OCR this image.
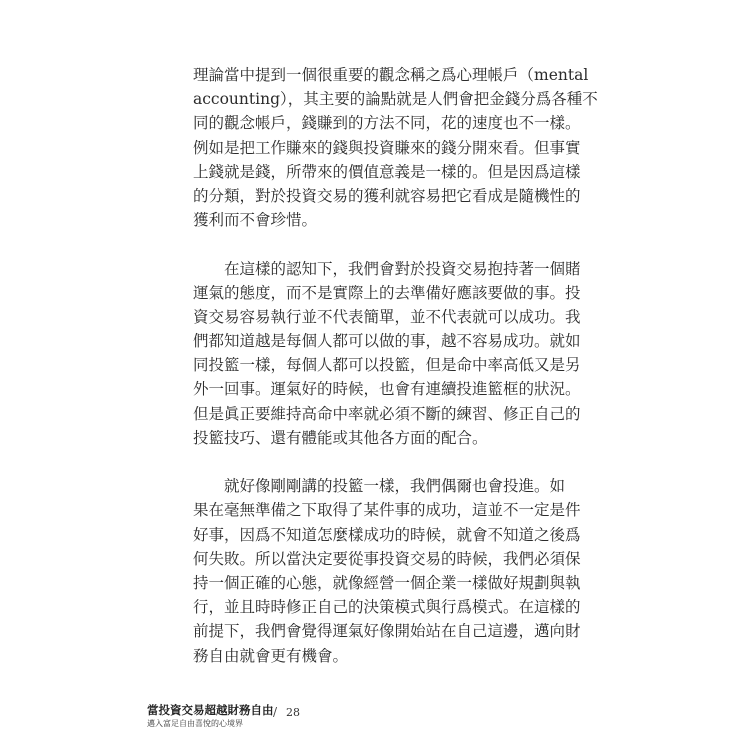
理論當中提到一個很重要的觀念稱之爲心理帳戶（mental
accounting），其主要的論點就是人們會把金錢分爲各種不
同的觀念帳戶，錢賺到的方法不同，花的速度也不一樣。
例如是把工作賺來的錢與投資賺來的錢分開來看。但事實
上錢就是錢，所帶來的價值意義是一樣的。但是因爲這樣
的分類，對於投資交易的獲利就容易把它看成是隨機性的
獲利而不會珍惜。
　　在這樣的認知下，我們會對於投資交易抱持著一個賭
運氣的態度，而不是實際上的去準備好應該要做的事。投
資交易容易執行並不代表簡單，並不代表就可以成功。我
們都知道越是每個人都可以做的事，越不容易成功。就如
同投籃一樣，每個人都可以投籃，但是命中率高低又是另
外一回事。運氣好的時候，也會有連續投進籃框的狀況。
但是眞正要維持高命中率就必須不斷的練習、修正自己的
投籃技巧、還有體能或其他各方面的配合。
　　就好像剛剛講的投籃一樣，我們偶爾也會投進。如
果在毫無準備之下取得了某件事的成功，這並不一定是件
好事，因爲不知道怎麼樣成功的時候，就會不知道之後爲
何失敗。所以當決定要從事投資交易的時候，我們必須保
持一個正確的心態，就像經營一個企業一樣做好規劃與執
行，並且時時修正自己的決策模式與行爲模式。在這樣的
前提下，我們會覺得運氣好像開始站在自己這邊，邁向財
務自由就會更有機會。
當投資交易超越財務自由
邁入富足自由喜悅的心境界
/ 28
